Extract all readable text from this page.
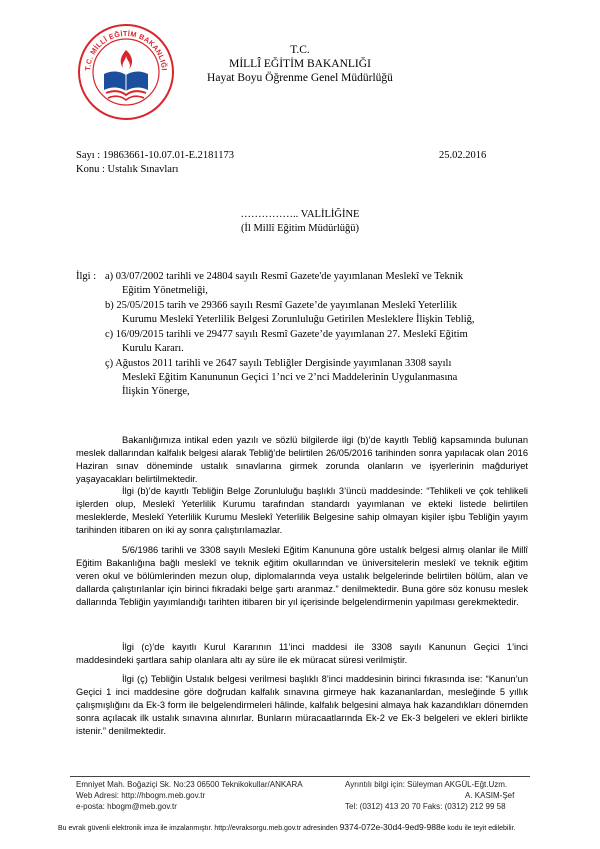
T.C. MİLLÎ EĞİTİM BAKANLIĞI
T.C.
MİLLÎ EĞİTİM BAKANLIĞI
Hayat Boyu Öğrenme Genel Müdürlüğü
Sayı : 19863661-10.07.01-E.2181173	25.02.2016
Konu : Ustalık Sınavları
…………….. VALİLİĞİNE
(İl Millî Eğitim Müdürlüğü)
İlgi : a) 03/07/2002 tarihli ve 24804 sayılı Resmî Gazete'de yayımlanan Meslekî ve Teknik
Eğitim Yönetmeliği,
b) 25/05/2015 tarih ve 29366 sayılı Resmî Gazete’de yayımlanan Meslekî Yeterlilik
Kurumu Meslekî Yeterlilik Belgesi Zorunluluğu Getirilen Mesleklere İlişkin Tebliğ,
c) 16/09/2015 tarihli ve 29477 sayılı Resmî Gazete’de yayımlanan 27. Meslekî Eğitim
Kurulu Kararı.
ç) Ağustos 2011 tarihli ve 2647 sayılı Tebliğler Dergisinde yayımlanan 3308 sayılı
Meslekî Eğitim Kanununun Geçici 1’nci ve 2’nci Maddelerinin Uygulanmasına
İlişkin Yönerge,
Bakanlığımıza intikal eden yazılı ve sözlü bilgilerde ilgi (b)’de kayıtlı Tebliğ kapsamında bulunan meslek dallarından kalfalık belgesi alarak Tebliğ’de belirtilen 26/05/2016 tarihinden sonra yapılacak olan 2016 Haziran sınav döneminde ustalık sınavlarına girmek zorunda olanların ve işyerlerinin mağduriyet yaşayacakları belirtilmektedir.
İlgi (b)’de kayıtlı Tebliğin Belge Zorunluluğu başlıklı 3’üncü maddesinde: “Tehlikeli ve çok tehlikeli işlerden olup, Meslekî Yeterlilik Kurumu tarafından standardı yayımlanan ve ekteki listede belirtilen mesleklerde, Meslekî Yeterlilik Kurumu Meslekî Yeterlilik Belgesine sahip olmayan kişiler işbu Tebliğin yayım tarihinden itibaren on iki ay sonra çalıştırılamazlar.
5/6/1986 tarihli ve 3308 sayılı Mesleki Eğitim Kanununa göre ustalık belgesi almış olanlar ile Millî Eğitim Bakanlığına bağlı meslekî ve teknik eğitim okullarından ve üniversitelerin meslekî ve teknik eğitim veren okul ve bölümlerinden mezun olup, diplomalarında veya ustalık belgelerinde belirtilen bölüm, alan ve dallarda çalıştırılanlar için birinci fıkradaki belge şartı aranmaz.” denilmektedir. Buna göre söz konusu meslek dallarında Tebliğin yayımlandığı tarihten itibaren bir yıl içerisinde belgelendirmenin yapılması gerekmektedir.
İlgi (c)’de kayıtlı Kurul Kararının 11’inci maddesi ile 3308 sayılı Kanunun Geçici 1’inci maddesindeki şartlara sahip olanlara altı ay süre ile ek müracat süresi verilmiştir.
İlgi (ç) Tebliğin Ustalık belgesi verilmesi başlıklı 8’inci maddesinin birinci fıkrasında ise: “Kanun’un Geçici 1 inci maddesine göre doğrudan kalfalık sınavına girmeye hak kazananlardan, mesleğinde 5 yıllık çalışmışlığını da Ek-3 form ile belgelendirmeleri hâlinde, kalfalık belgesini almaya hak kazandıkları dönemden sonra açılacak ilk ustalık sınavına alınırlar. Bunların müracaatlarında Ek-2 ve Ek-3 belgeleri ve ekleri birlikte istenir.” denilmektedir.
Emniyet Mah. Boğaziçi Sk. No:23 06500 Teknikokullar/ANKARA
Web Adresi: http://hbogm.meb.gov.tr
e-posta: hbogm@meb.gov.tr
Ayrıntılı bilgi için: Süleyman AKGÜL-Eğt.Uzm.
A. KASIM-Şef
Tel: (0312) 413 20 70 Faks: (0312) 212 99 58
Bu evrak güvenli elektronik imza ile imzalanmıştır. http://evraksorgu.meb.gov.tr adresinden 9374-072e-30d4-9ed9-988e kodu ile teyit edilebilir.
